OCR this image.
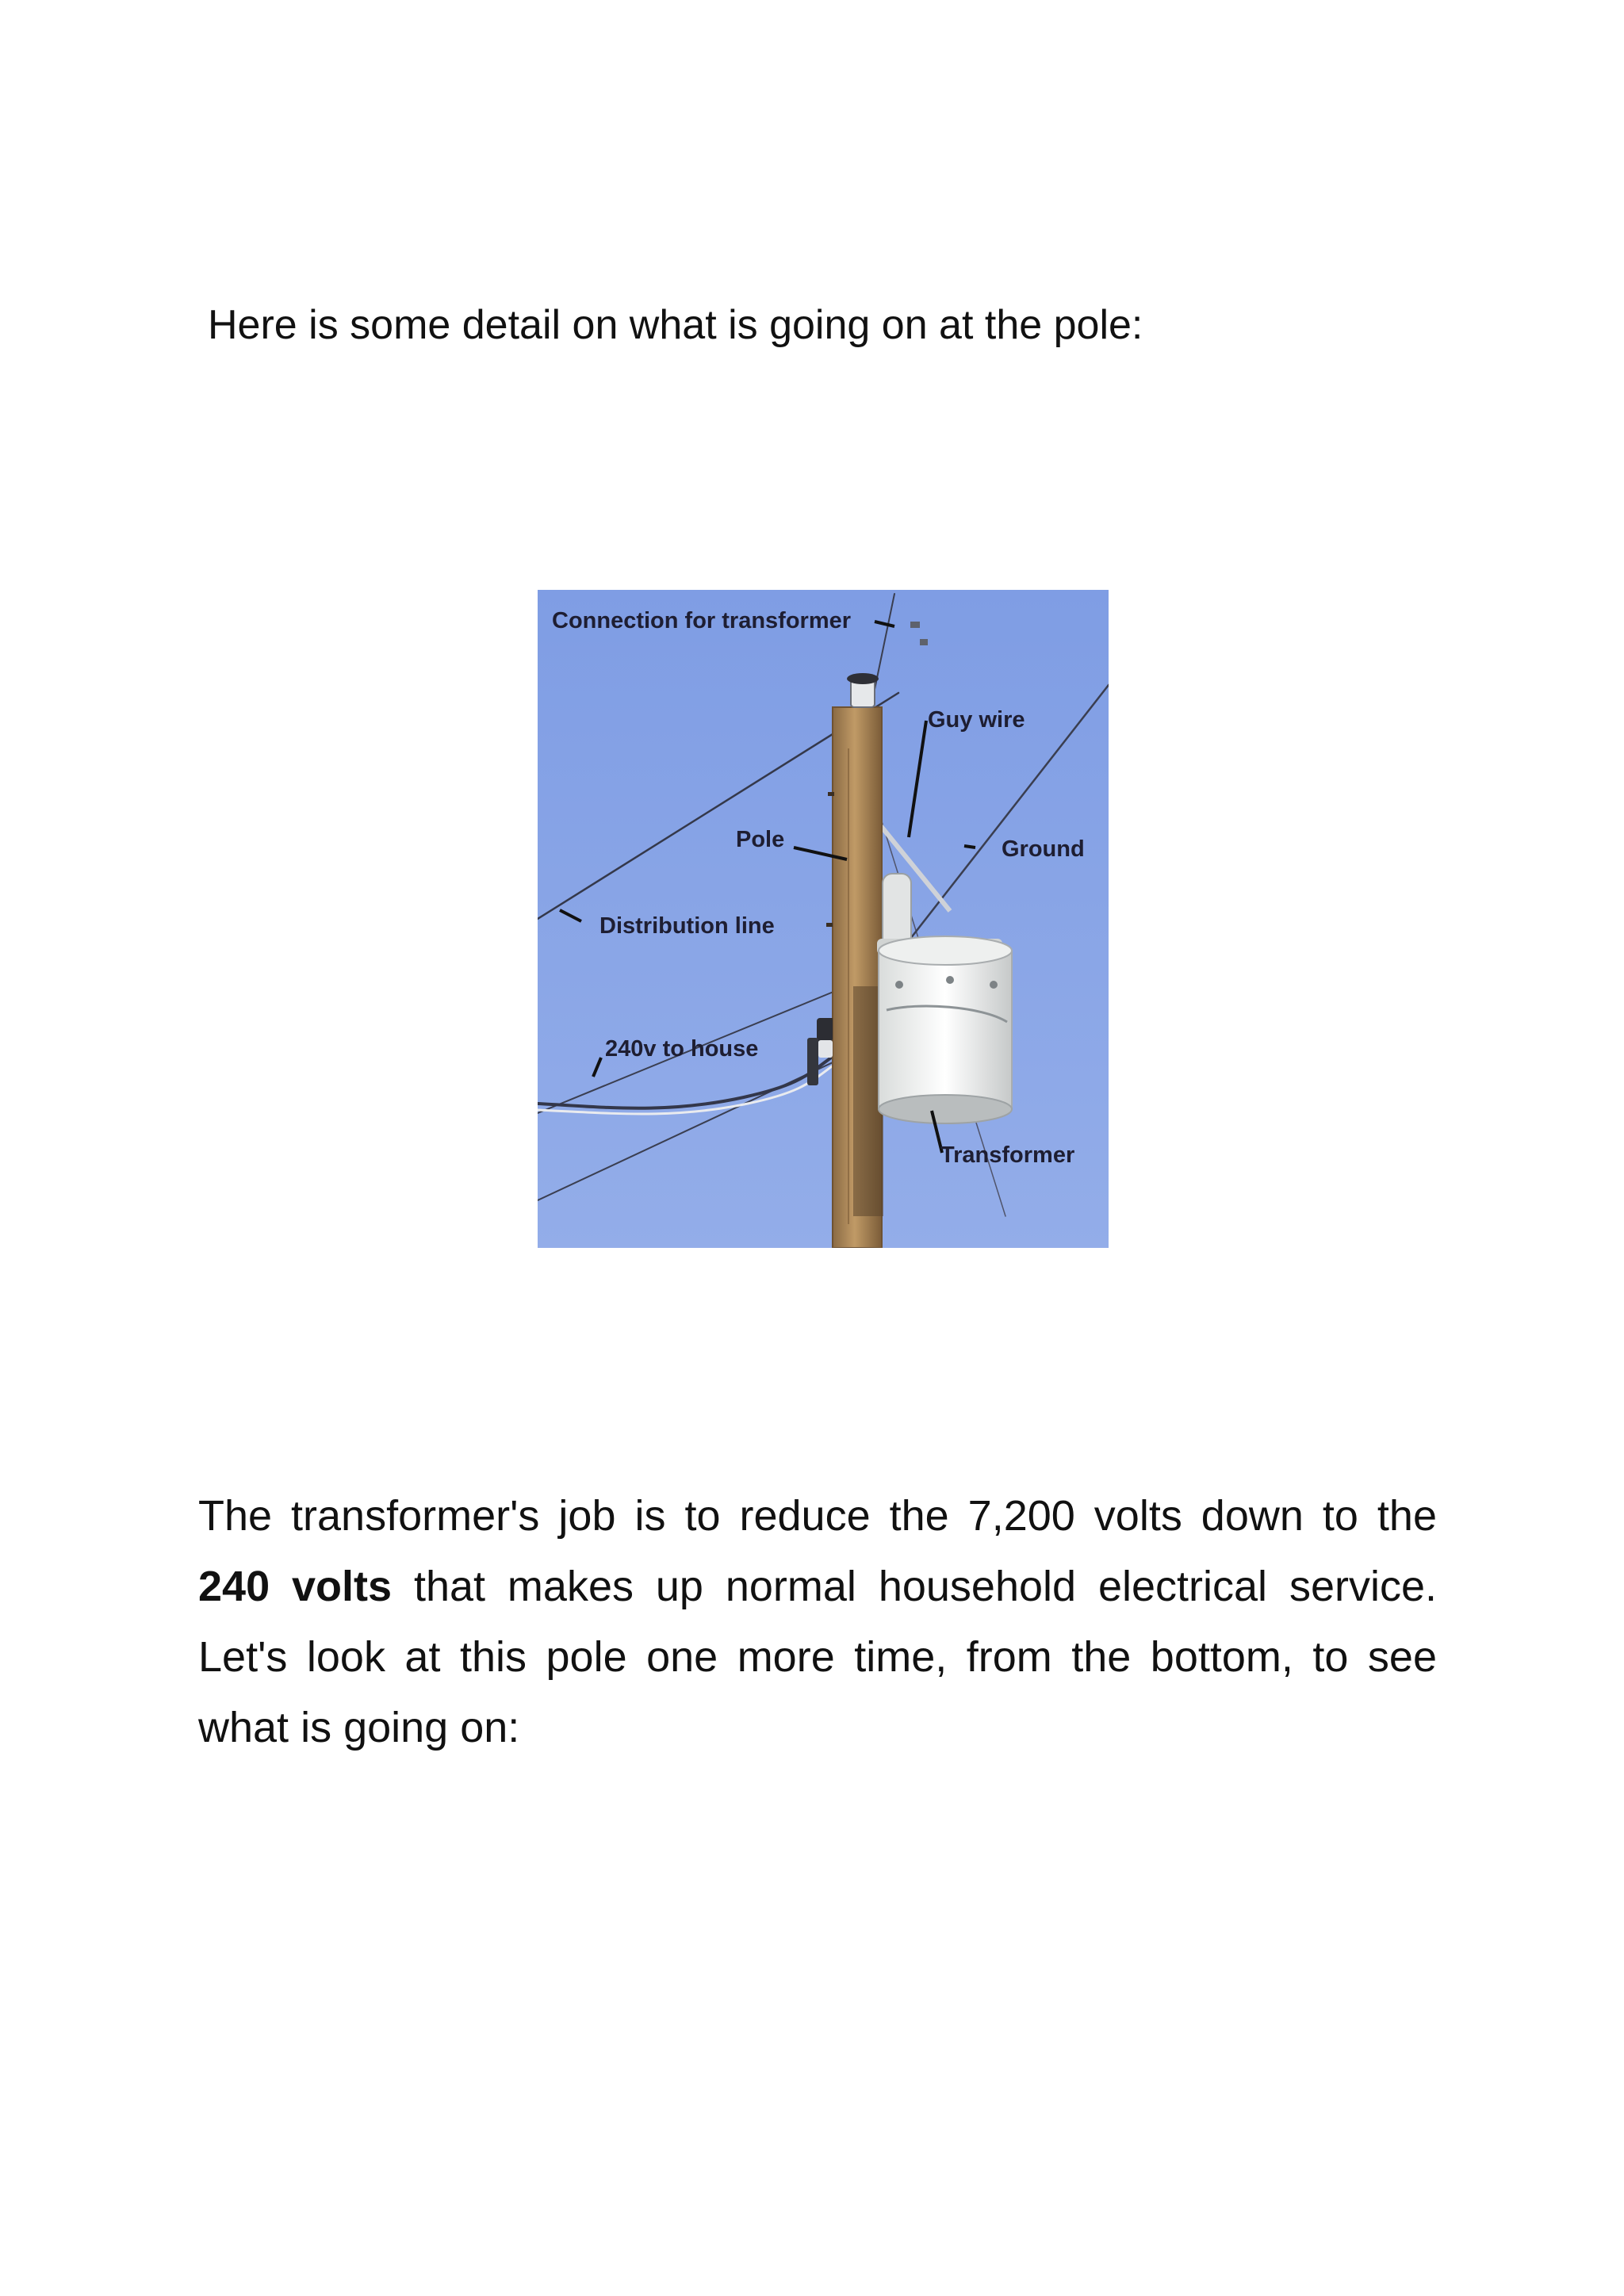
Here is some detail on what is going on at the pole:

Connection for transformer
Guy wire
Pole	Ground
Distribution line
240v to house
Transformer

The transformer's job is to reduce the 7,200 volts down to the 240 volts that makes up normal household electrical service. Let's look at this pole one more time, from the bottom, to see what is going on:
